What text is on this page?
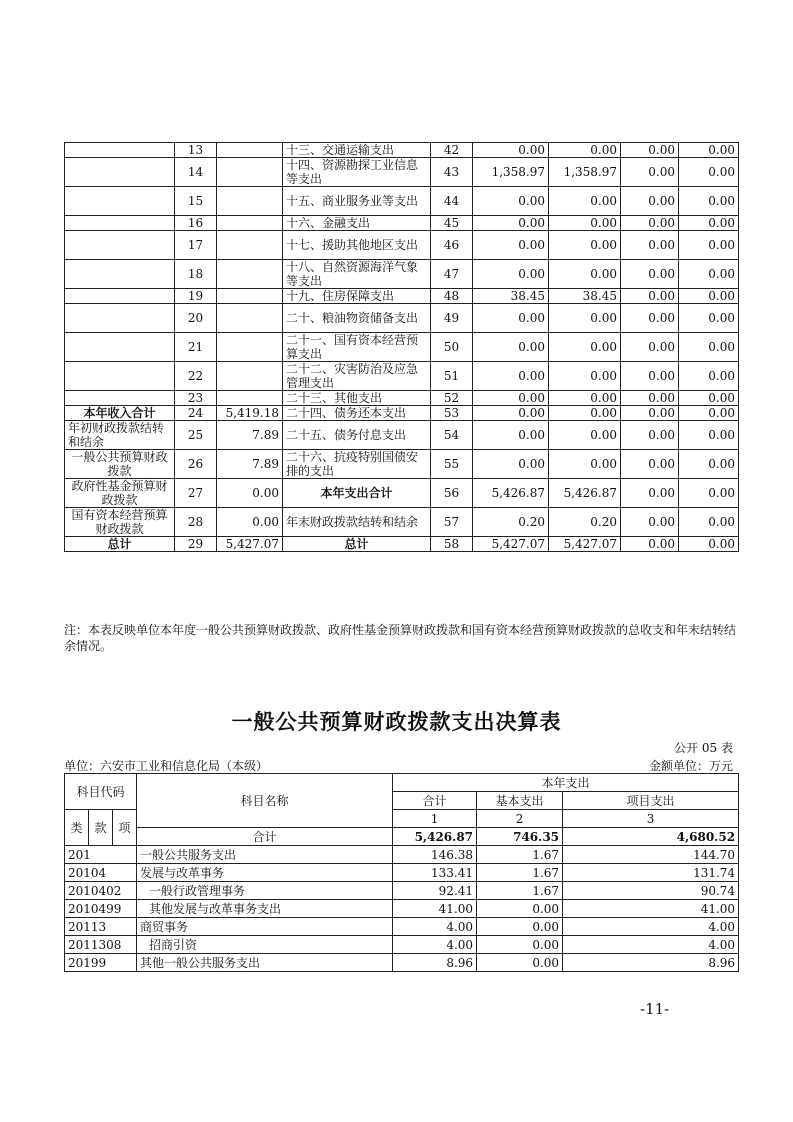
	13		十三、交通运输支出	42	0.00	0.00	0.00	0.00
	14		十四、资源勘探工业信息等支出	43	1,358.97	1,358.97	0.00	0.00
	15		十五、商业服务业等支出	44	0.00	0.00	0.00	0.00
	16		十六、金融支出	45	0.00	0.00	0.00	0.00
	17		十七、援助其他地区支出	46	0.00	0.00	0.00	0.00
	18		十八、自然资源海洋气象等支出	47	0.00	0.00	0.00	0.00
	19		十九、住房保障支出	48	38.45	38.45	0.00	0.00
	20		二十、粮油物资储备支出	49	0.00	0.00	0.00	0.00
	21		二十一、国有资本经营预算支出	50	0.00	0.00	0.00	0.00
	22		二十二、灾害防治及应急管理支出	51	0.00	0.00	0.00	0.00
	23		二十三、其他支出	52	0.00	0.00	0.00	0.00
本年收入合计	24	5,419.18	二十四、债务还本支出	53	0.00	0.00	0.00	0.00
年初财政拨款结转和结余	25	7.89	二十五、债务付息支出	54	0.00	0.00	0.00	0.00
一般公共预算财政拨款	26	7.89	二十六、抗疫特别国债安排的支出	55	0.00	0.00	0.00	0.00
政府性基金预算财政拨款	27	0.00	本年支出合计	56	5,426.87	5,426.87	0.00	0.00
国有资本经营预算财政拨款	28	0.00	年末财政拨款结转和结余	57	0.20	0.20	0.00	0.00
总计	29	5,427.07	总计	58	5,427.07	5,427.07	0.00	0.00
注：本表反映单位本年度一般公共预算财政拨款、政府性基金预算财政拨款和国有资本经营预算财政拨款的总收支和年末结转结余情况。
一般公共预算财政拨款支出决算表
公开 05 表
单位：六安市工业和信息化局（本级）	金额单位：万元
科目代码			科目名称	本年支出		
				合计	基本支出	项目支出
类	款	项		1	2	3
			合计	5,426.87	746.35	4,680.52
201			一般公共服务支出	146.38	1.67	144.70
20104			发展与改革事务	133.41	1.67	131.74
2010402			一般行政管理事务	92.41	1.67	90.74
2010499			其他发展与改革事务支出	41.00	0.00	41.00
20113			商贸事务	4.00	0.00	4.00
2011308			招商引资	4.00	0.00	4.00
20199			其他一般公共服务支出	8.96	0.00	8.96
-11-
